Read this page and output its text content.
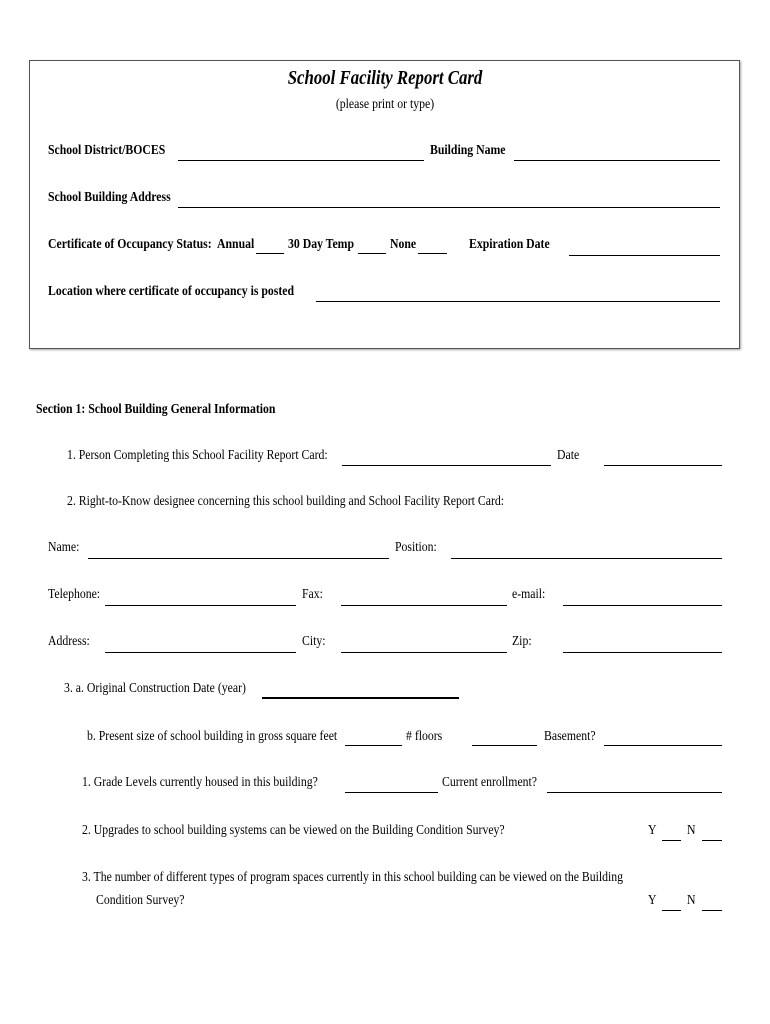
School Facility Report Card
(please print or type)
School District/BOCES	Building Name
School Building Address
Certificate of Occupancy Status: Annual 30 Day Temp	None	Expiration Date
Location where certificate of occupancy is posted
Section 1: School Building General Information
1. Person Completing this School Facility Report Card:	Date
2. Right-to-Know designee concerning this school building and School Facility Report Card:
Name:	Position:
Telephone:	Fax:	e-mail:
Address:	City:	Zip:
3. a. Original Construction Date (year)
b. Present size of school building in gross square feet	# floors	Basement?
1. Grade Levels currently housed in this building?	Current enrollment?
2. Upgrades to school building systems can be viewed on the Building Condition Survey?	Y N
3. The number of different types of program spaces currently in this school building can be viewed on the Building
Condition Survey?	Y N
